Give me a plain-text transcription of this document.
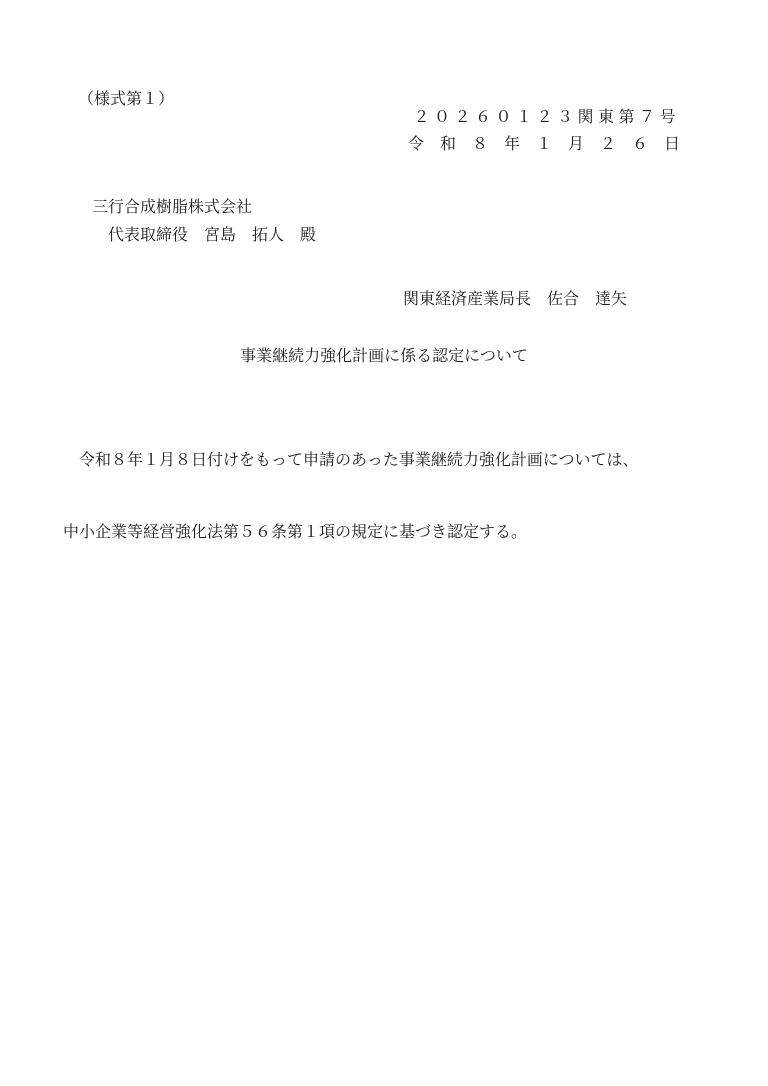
（様式第１）
２０２６０１２３関東第７号
令　和　８　年　１　月　２　６　日
三行合成樹脂株式会社
代表取締役　宮島　拓人　殿
関東経済産業局長　佐合　達矢
事業継続力強化計画に係る認定について

　令和８年１月８日付けをもって申請のあった事業継続力強化計画については、

中小企業等経営強化法第５６条第１項の規定に基づき認定する。
